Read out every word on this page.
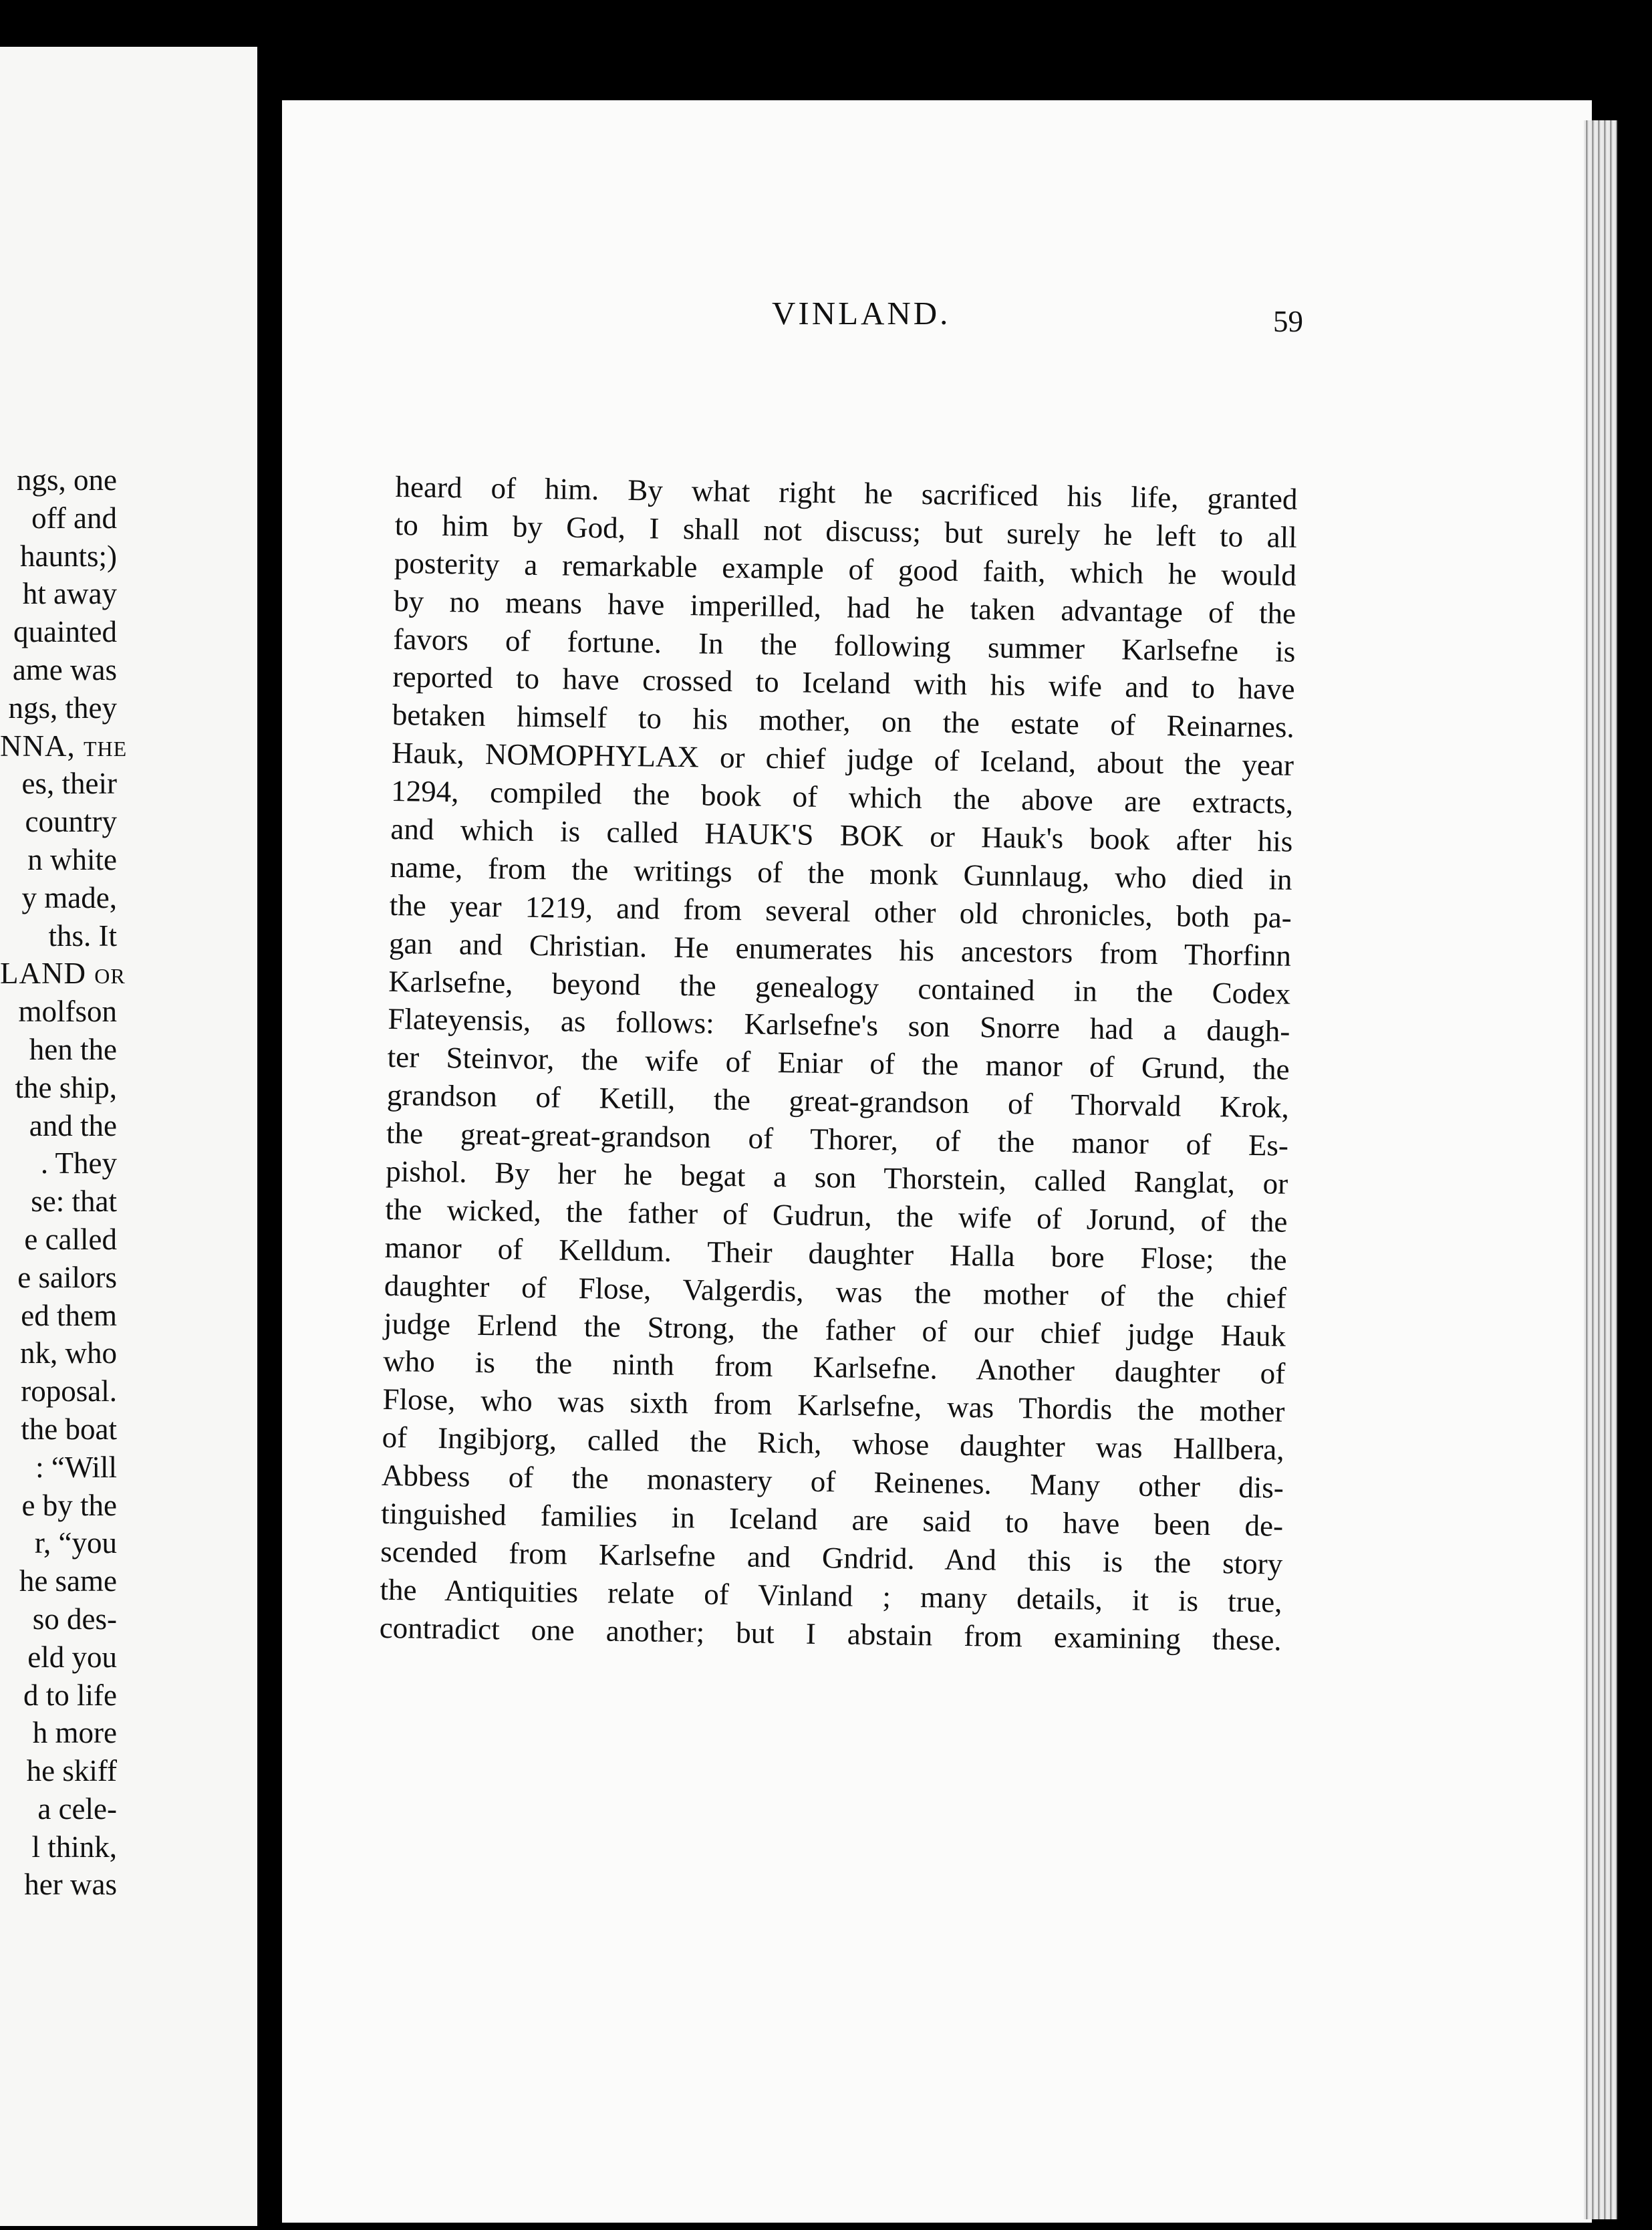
ngs, one
off and
haunts;)
ht away
quainted
ame was
ngs, they
NNA, the
es, their
country
n white
y made,
ths. It
LAND or
molfson
hen the
the ship,
and the
. They
se: that
e called
e sailors
ed them
nk, who
roposal.
the boat
: “Will
e by the
r, “you
he same
so des-
eld you
d to life
h more
he skiff
a cele-
l think,
her was
VINLAND.	59
heard of him. By what right he sacrificed his life, granted
to him by God, I shall not discuss; but surely he left to all
posterity a remarkable example of good faith, which he would
by no means have imperilled, had he taken advantage of the
favors of fortune. In the following summer Karlsefne is
reported to have crossed to Iceland with his wife and to have
betaken himself to his mother, on the estate of Reinarnes.
Hauk, NOMOPHYLAX or chief judge of Iceland, about the year
1294, compiled the book of which the above are extracts,
and which is called HAUK'S BOK or Hauk's book after his
name, from the writings of the monk Gunnlaug, who died in
the year 1219, and from several other old chronicles, both pa-
gan and Christian. He enumerates his ancestors from Thorfinn
Karlsefne, beyond the genealogy contained in the Codex
Flateyensis, as follows: Karlsefne's son Snorre had a daugh-
ter Steinvor, the wife of Eniar of the manor of Grund, the
grandson of Ketill, the great-grandson of Thorvald Krok,
the great-great-grandson of Thorer, of the manor of Es-
pishol. By her he begat a son Thorstein, called Ranglat, or
the wicked, the father of Gudrun, the wife of Jorund, of the
manor of Kelldum. Their daughter Halla bore Flose; the
daughter of Flose, Valgerdis, was the mother of the chief
judge Erlend the Strong, the father of our chief judge Hauk
who is the ninth from Karlsefne. Another daughter of
Flose, who was sixth from Karlsefne, was Thordis the mother
of Ingibjorg, called the Rich, whose daughter was Hallbera,
Abbess of the monastery of Reinenes. Many other dis-
tinguished families in Iceland are said to have been de-
scended from Karlsefne and Gndrid. And this is the story
the Antiquities relate of Vinland ; many details, it is true,
contradict one another; but I abstain from examining these.
